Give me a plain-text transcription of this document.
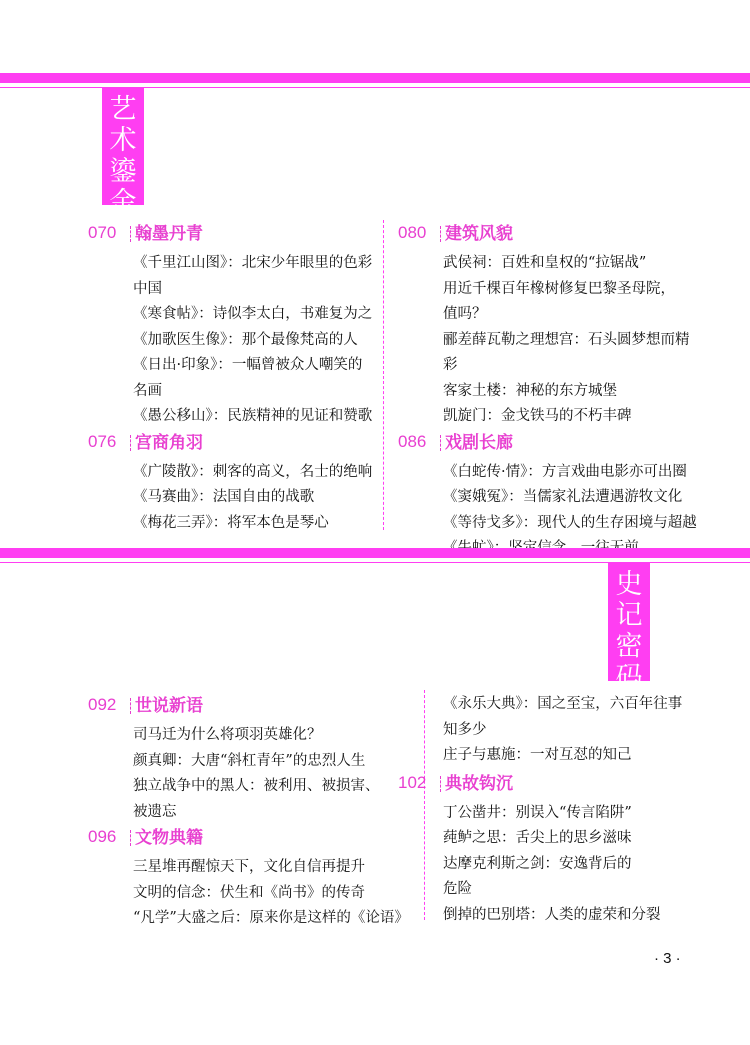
艺
术
鎏
金
070	翰墨丹青

《千里江山图》：北宋少年眼里的色彩

中国

《寒食帖》：诗似李太白，书难复为之

《加歌医生像》：那个最像梵高的人

《日出·印象》：一幅曾被众人嘲笑的

名画

《愚公移山》：民族精神的见证和赞歌

076	宫商角羽

《广陵散》：刺客的高义，名士的绝响

《马赛曲》：法国自由的战歌

《梅花三弄》：将军本色是琴心

080	建筑风貌

武侯祠：百姓和皇权的“拉锯战”

用近千棵百年橡树修复巴黎圣母院，

值吗？

郦差薛瓦勒之理想宫：石头圆梦想而精彩

客家土楼：神秘的东方城堡

凯旋门：金戈铁马的不朽丰碑

086	戏剧长廊

《白蛇传·情》：方言戏曲电影亦可出圈

《窦娥冤》：当儒家礼法遭遇游牧文化

《等待戈多》：现代人的生存困境与超越

史
记
密
码
092	世说新语

司马迁为什么将项羽英雄化？

颜真卿：大唐“斜杠青年”的忠烈人生

独立战争中的黑人：被利用、被损害、

被遗忘

096	文物典籍

三星堆再醒惊天下，文化自信再提升

文明的信念：伏生和《尚书》的传奇

“凡学”大盛之后：原来你是这样的《论语》

《永乐大典》：国之至宝，六百年往事

知多少

庄子与惠施：一对互怼的知己

102	典故钩沉

丁公凿井：别误入“传言陷阱”

莼鲈之思：舌尖上的思乡滋味

达摩克利斯之剑：安逸背后的

危险

倒掉的巴别塔：人类的虚荣和分裂

· 3 ·
